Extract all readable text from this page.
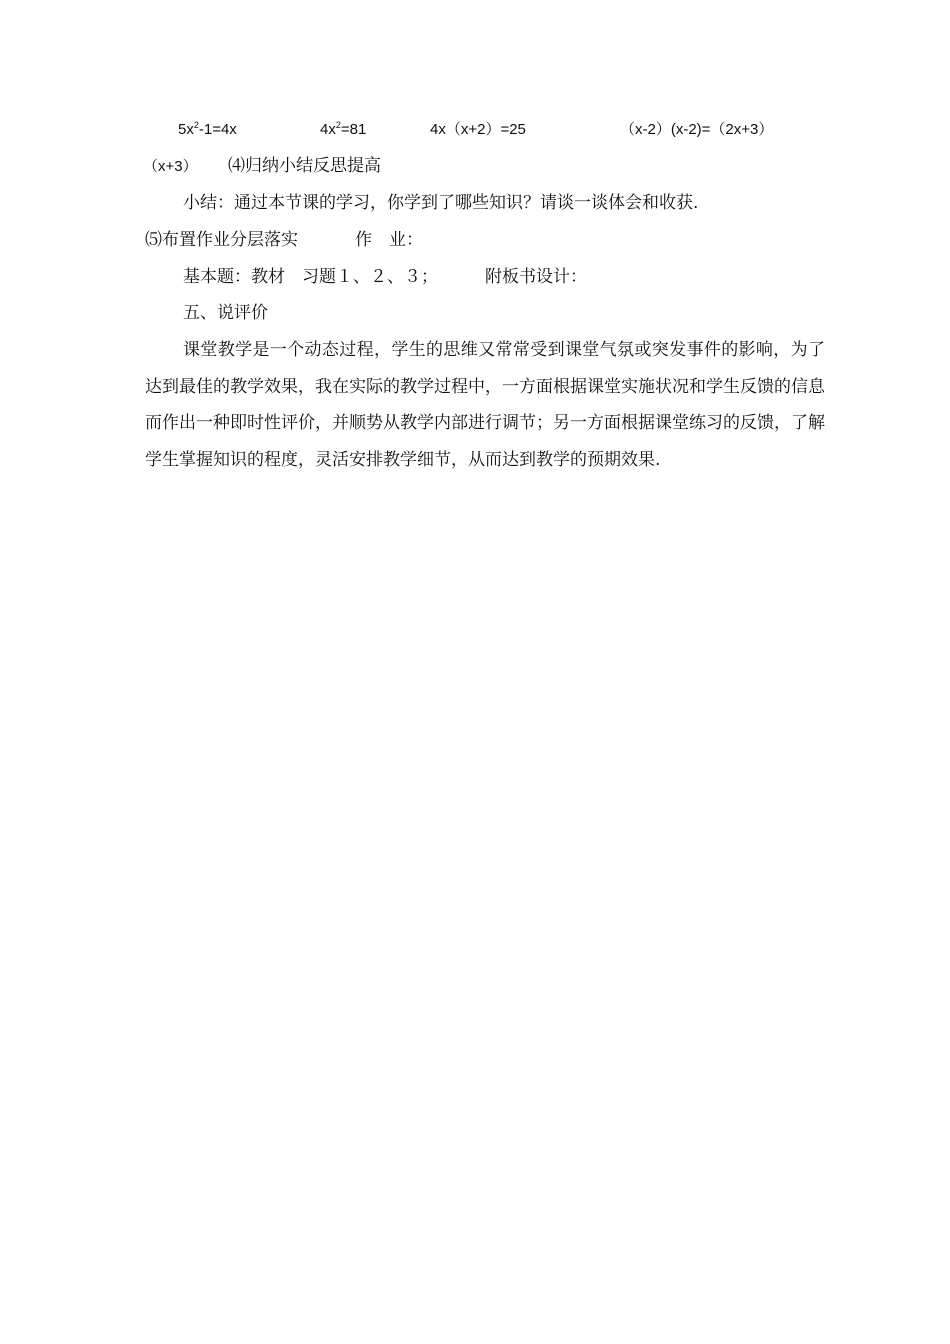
$5x^2-1=4x$	$4x^2=81$	4x（x+2）=25	（x-2）(x-2)=（2x+3）
（x+3） ⑷归纳小结反思提高
小结：通过本节课的学习，你学到了哪些知识？请谈一谈体会和收获.
⑸布置作业分层落实	作　业：
基本题：教材　习题１、２、３；	附板书设计：
五、说评价
课堂教学是一个动态过程，学生的思维又常常受到课堂气氛或突发事件的影响，为了达到最佳的教学效果，我在实际的教学过程中，一方面根据课堂实施状况和学生反馈的信息而作出一种即时性评价，并顺势从教学内部进行调节；另一方面根据课堂练习的反馈，了解学生掌握知识的程度，灵活安排教学细节，从而达到教学的预期效果.
